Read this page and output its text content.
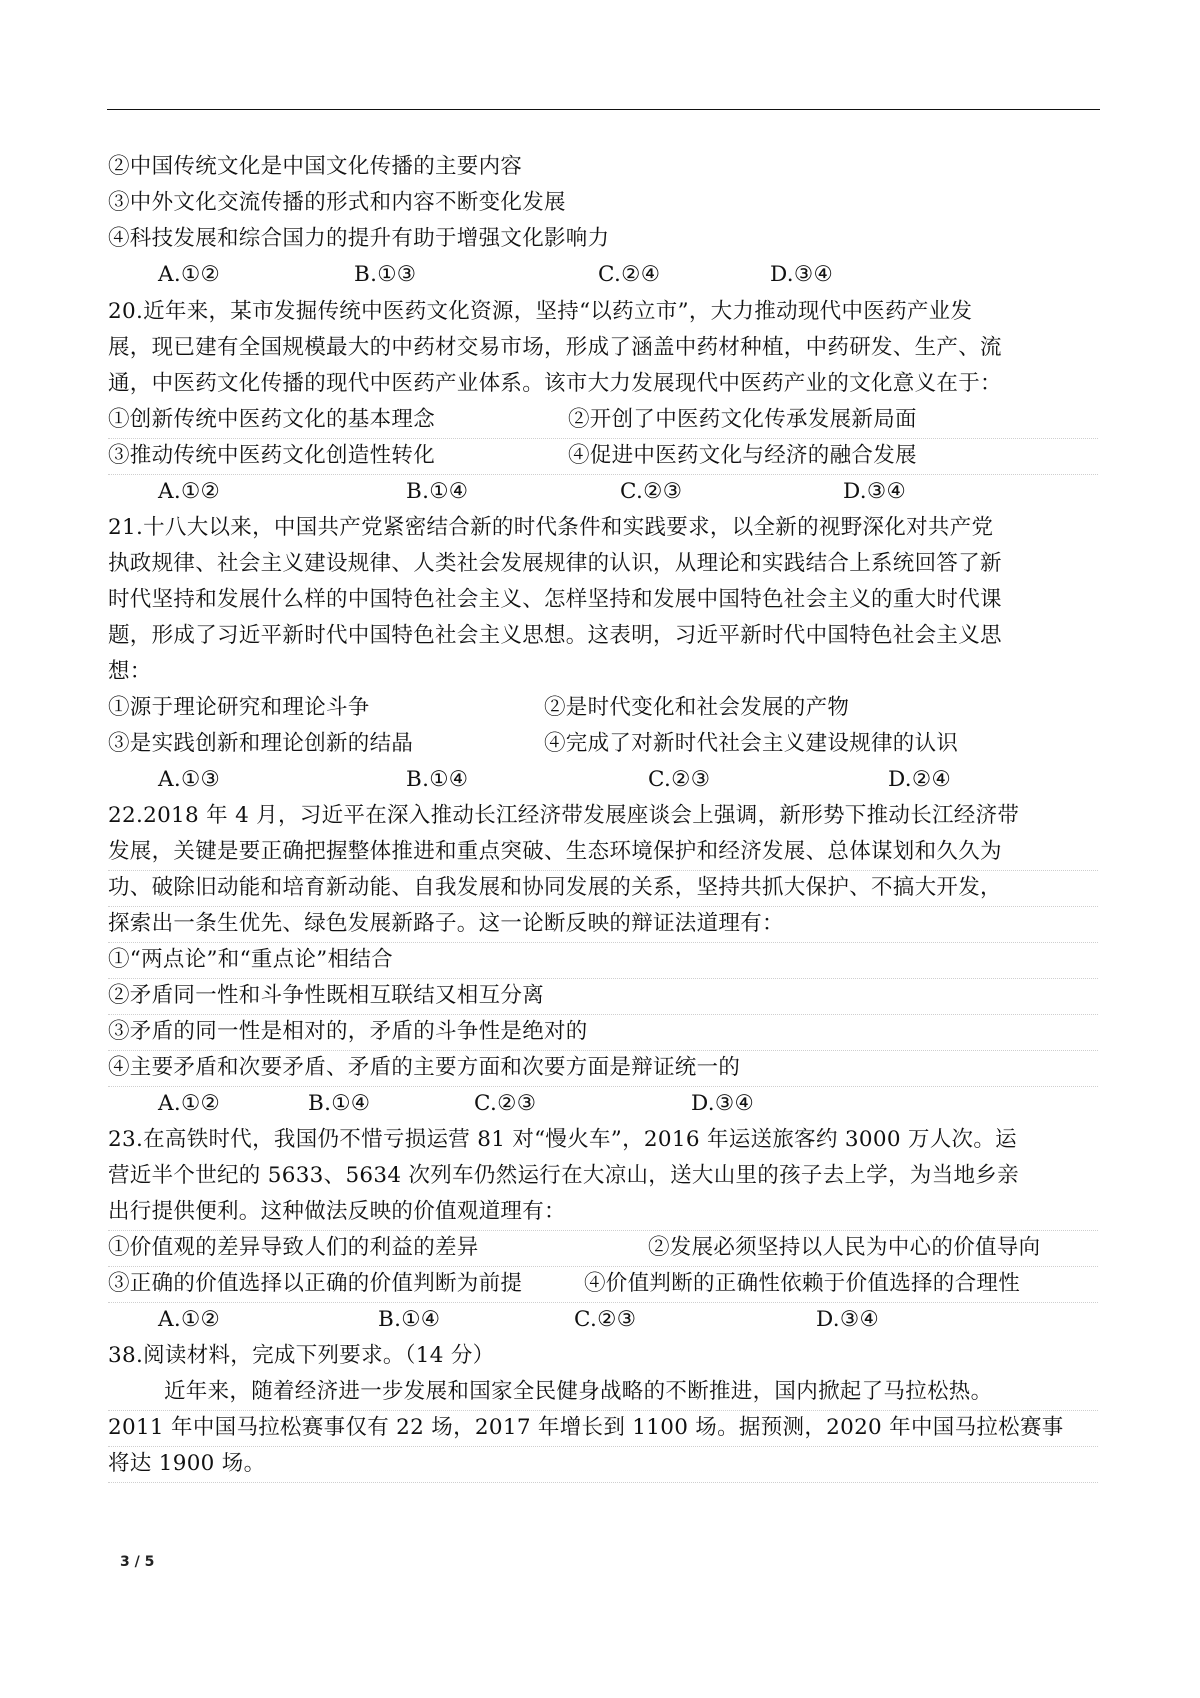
②中国传统文化是中国文化传播的主要内容
③中外文化交流传播的形式和内容不断变化发展
④科技发展和综合国力的提升有助于增强文化影响力
A.①②	B.①③	C.②④	D.③④
20.近年来，某市发掘传统中医药文化资源，坚持“以药立市”，大力推动现代中医药产业发
展，现已建有全国规模最大的中药材交易市场，形成了涵盖中药材种植，中药研发、生产、流
通，中医药文化传播的现代中医药产业体系。该市大力发展现代中医药产业的文化意义在于：
①创新传统中医药文化的基本理念	②开创了中医药文化传承发展新局面
③推动传统中医药文化创造性转化	④促进中医药文化与经济的融合发展
A.①②	B.①④	C.②③	D.③④
21.十八大以来，中国共产党紧密结合新的时代条件和实践要求，以全新的视野深化对共产党
执政规律、社会主义建设规律、人类社会发展规律的认识，从理论和实践结合上系统回答了新
时代坚持和发展什么样的中国特色社会主义、怎样坚持和发展中国特色社会主义的重大时代课
题，形成了习近平新时代中国特色社会主义思想。这表明，习近平新时代中国特色社会主义思
想：
①源于理论研究和理论斗争	②是时代变化和社会发展的产物
③是实践创新和理论创新的结晶	④完成了对新时代社会主义建设规律的认识
A.①③	B.①④	C.②③	D.②④
22.2018 年 4 月，习近平在深入推动长江经济带发展座谈会上强调，新形势下推动长江经济带
发展，关键是要正确把握整体推进和重点突破、生态环境保护和经济发展、总体谋划和久久为
功、破除旧动能和培育新动能、自我发展和协同发展的关系，坚持共抓大保护、不搞大开发，
探索出一条生优先、绿色发展新路子。这一论断反映的辩证法道理有：
①“两点论”和“重点论”相结合
②矛盾同一性和斗争性既相互联结又相互分离
③矛盾的同一性是相对的，矛盾的斗争性是绝对的
④主要矛盾和次要矛盾、矛盾的主要方面和次要方面是辩证统一的
A.①②	B.①④	C.②③	D.③④
23.在高铁时代，我国仍不惜亏损运营 81 对“慢火车”，2016 年运送旅客约 3000 万人次。运
营近半个世纪的 5633、5634 次列车仍然运行在大凉山，送大山里的孩子去上学，为当地乡亲
出行提供便利。这种做法反映的价值观道理有：
①价值观的差异导致人们的利益的差异	②发展必须坚持以人民为中心的价值导向
③正确的价值选择以正确的价值判断为前提	④价值判断的正确性依赖于价值选择的合理性
A.①②	B.①④	C.②③	D.③④
38.阅读材料，完成下列要求。（14 分）
近年来，随着经济进一步发展和国家全民健身战略的不断推进，国内掀起了马拉松热。
2011 年中国马拉松赛事仅有 22 场，2017 年增长到 1100 场。据预测，2020 年中国马拉松赛事
将达 1900 场。
3 / 5
